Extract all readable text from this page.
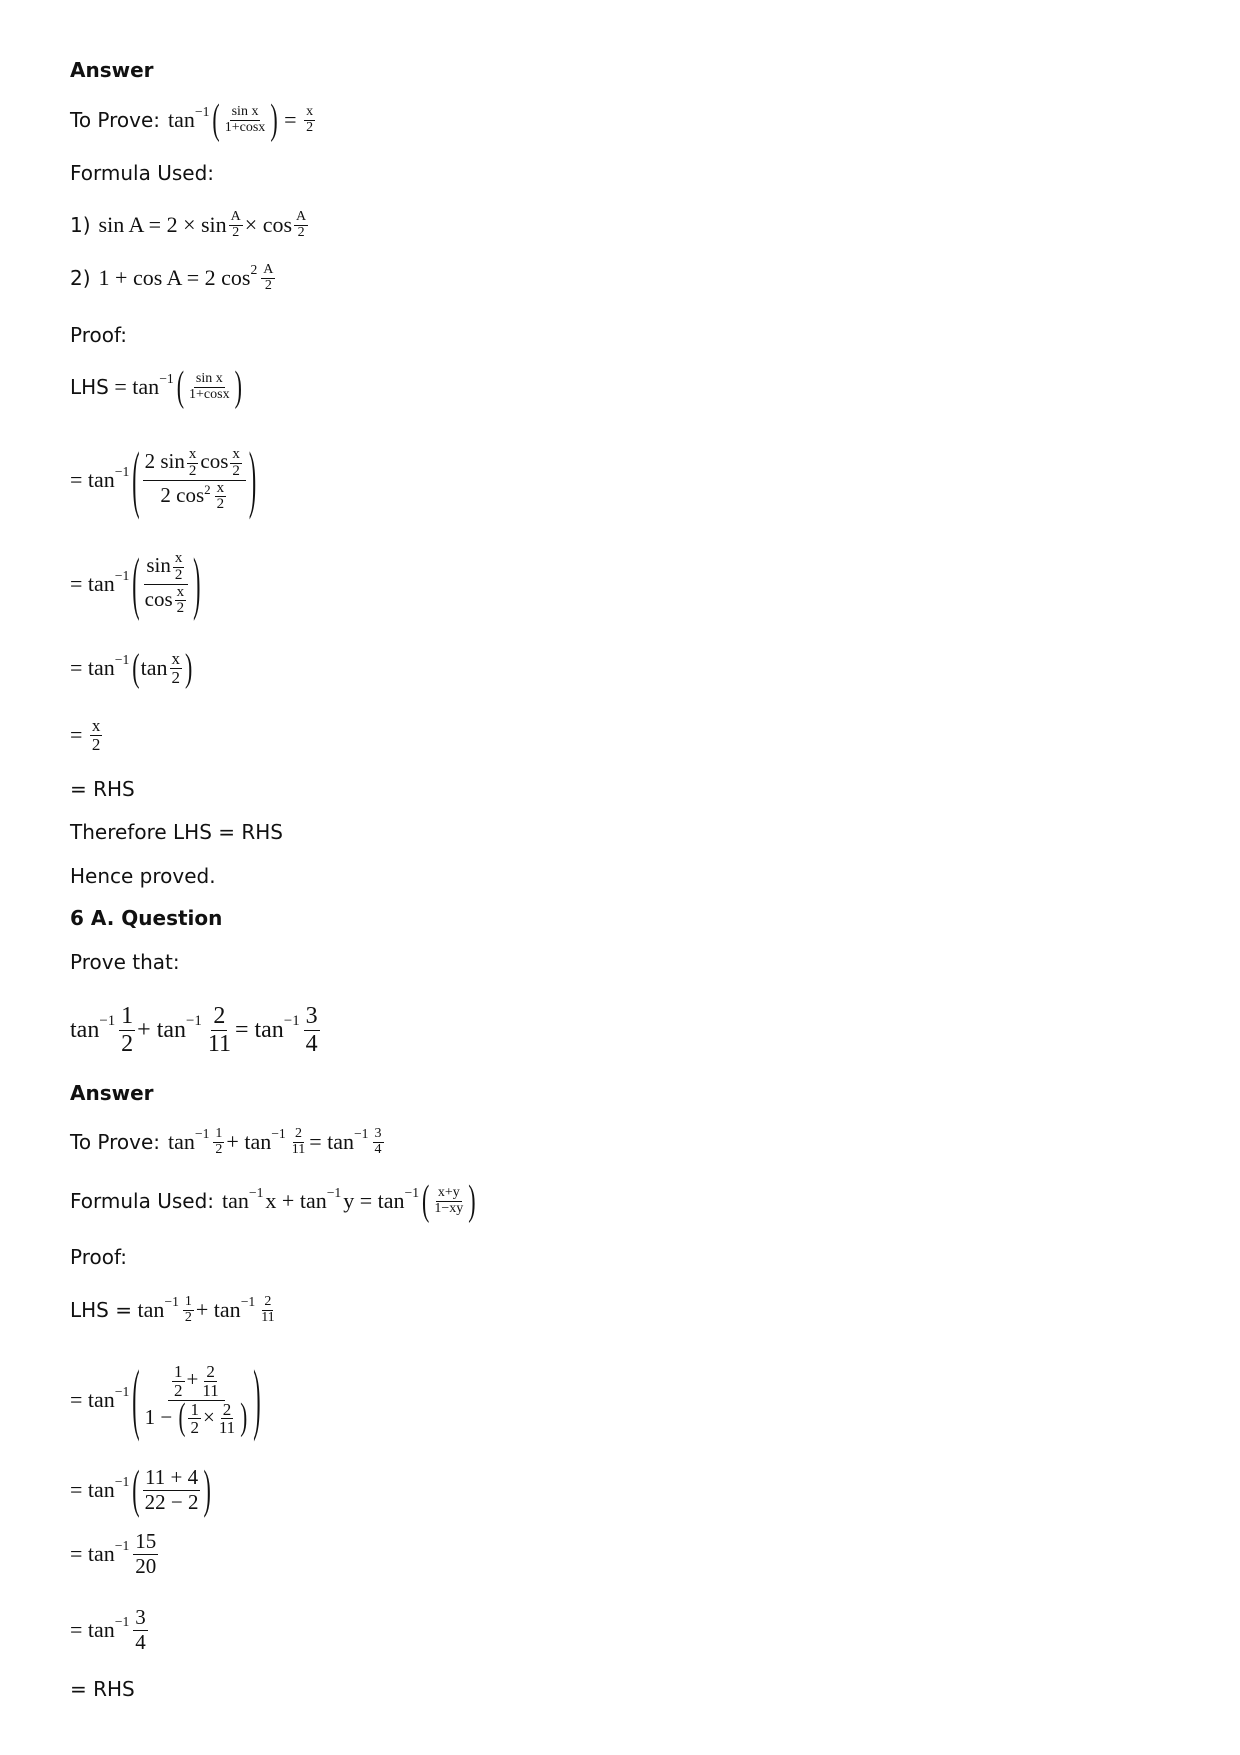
Answer
To Prove: tan −1 ( $\frac{\text{sin x}}{1+\cos x}$ ) = $\frac{x}{2}$
Formula Used:
1) $\sin A = 2 \times \sin \frac{A}{2} \times \cos \frac{A}{2}$
2) 1 + cos A = 2 $\cos 2 \frac{A}{2}$
Proof:
LHS = tan −1 ( $\frac{\text{sin x}}{1+\cos x}$ )
= tan −1 ( $\frac{2 \sin \frac{x}{2} \cos \frac{x}{2}}{2 \cos^2 \frac{x}{2}}$ )
= tan −1 ( $\frac{\sin \frac{x}{2}}{\cos \frac{x}{2}}$ )
= tan −1 ( $\tan \frac{x}{2}$ )
= $\frac{x}{2}$
= RHS
Therefore LHS = RHS
Hence proved.
6 A. Question
Prove that:
$\tan -1 \frac{1}{2} + \tan -1 \frac{2}{11} = \tan -1 \frac{3}{4}$
Answer
To Prove: $\tan -1 \frac{1}{2} + \tan -1 \frac{2}{11} = \tan -1 \frac{3}{4}$
Formula Used: tan −1 x + tan −1 y = tan −1 ( $\frac{x+y}{1-xy}$ )
Proof:
LHS = $\tan -1 \frac{1}{2} + \tan -1 \frac{2}{11}$
= tan −1 ( $\frac{\frac{1}{2} + \frac{2}{11}}{1 - ( \frac{1}{2} \times \frac{2}{11} )}$ )
= tan −1 ( $\frac{11 + 4}{22 - 2}$ )
= $\tan -1 \frac{15}{20}$
= $\tan -1 \frac{3}{4}$
= RHS
